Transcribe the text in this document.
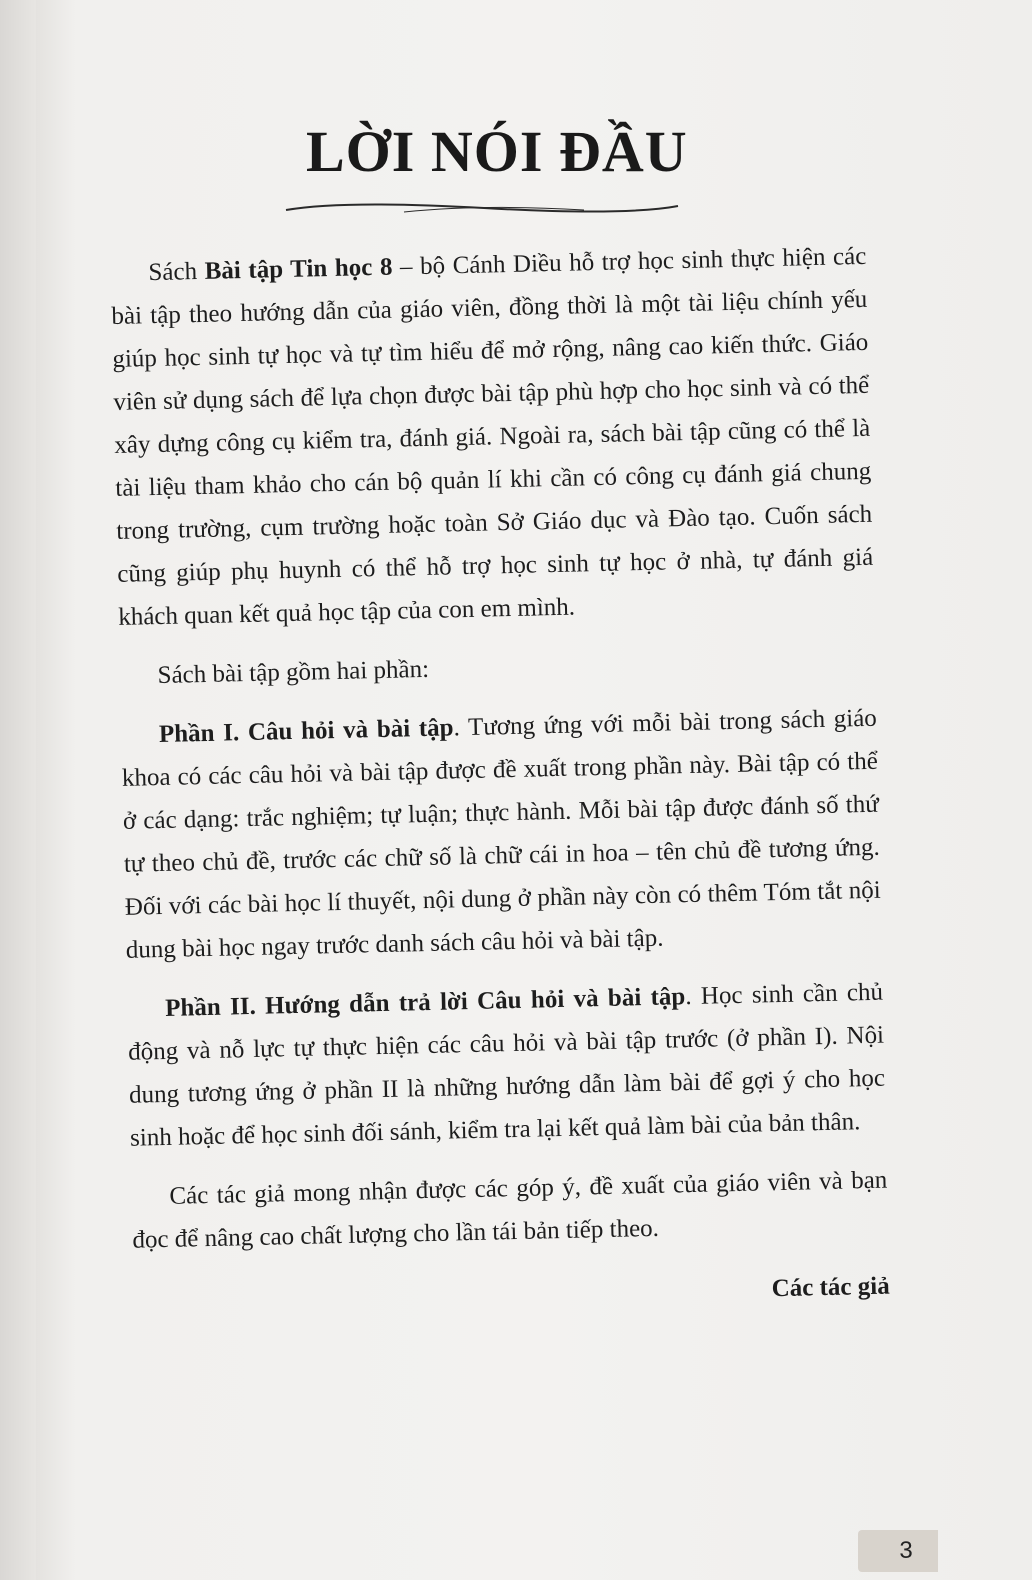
LỜI NÓI ĐẦU

Sách Bài tập Tin học 8 – bộ Cánh Diều hỗ trợ học sinh thực hiện các bài tập theo hướng dẫn của giáo viên, đồng thời là một tài liệu chính yếu giúp học sinh tự học và tự tìm hiểu để mở rộng, nâng cao kiến thức. Giáo viên sử dụng sách để lựa chọn được bài tập phù hợp cho học sinh và có thể xây dựng công cụ kiểm tra, đánh giá. Ngoài ra, sách bài tập cũng có thể là tài liệu tham khảo cho cán bộ quản lí khi cần có công cụ đánh giá chung trong trường, cụm trường hoặc toàn Sở Giáo dục và Đào tạo. Cuốn sách cũng giúp phụ huynh có thể hỗ trợ học sinh tự học ở nhà, tự đánh giá khách quan kết quả học tập của con em mình.

Sách bài tập gồm hai phần:

Phần I. Câu hỏi và bài tập. Tương ứng với mỗi bài trong sách giáo khoa có các câu hỏi và bài tập được đề xuất trong phần này. Bài tập có thể ở các dạng: trắc nghiệm; tự luận; thực hành. Mỗi bài tập được đánh số thứ tự theo chủ đề, trước các chữ số là chữ cái in hoa – tên chủ đề tương ứng. Đối với các bài học lí thuyết, nội dung ở phần này còn có thêm Tóm tắt nội dung bài học ngay trước danh sách câu hỏi và bài tập.

Phần II. Hướng dẫn trả lời Câu hỏi và bài tập. Học sinh cần chủ động và nỗ lực tự thực hiện các câu hỏi và bài tập trước (ở phần I). Nội dung tương ứng ở phần II là những hướng dẫn làm bài để gợi ý cho học sinh hoặc để học sinh đối sánh, kiểm tra lại kết quả làm bài của bản thân.

Các tác giả mong nhận được các góp ý, đề xuất của giáo viên và bạn đọc để nâng cao chất lượng cho lần tái bản tiếp theo.

Các tác giả

3
